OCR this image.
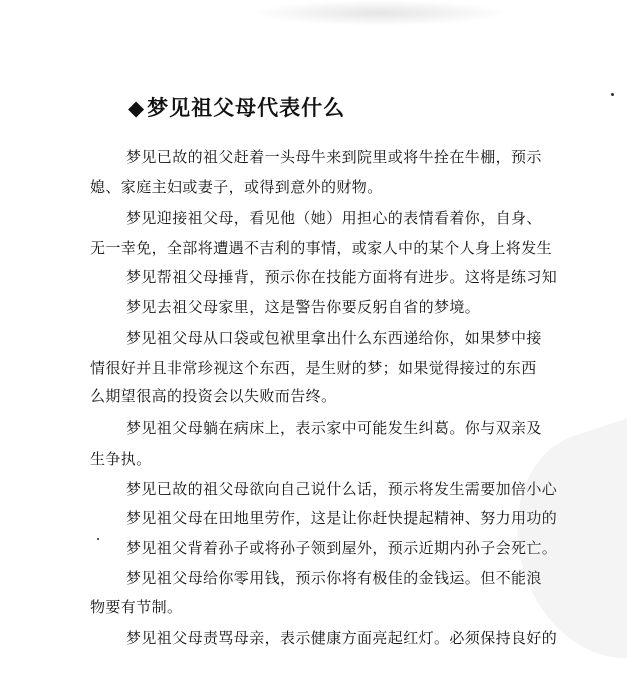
◆梦见祖父母代表什么
梦见已故的祖父赶着一头母牛来到院里或将牛拴在牛棚，预示
媳、家庭主妇或妻子，或得到意外的财物。
梦见迎接祖父母，看见他（她）用担心的表情看着你，自身、
无一幸免，全部将遭遇不吉利的事情，或家人中的某个人身上将发生
梦见帮祖父母捶背，预示你在技能方面将有进步。这将是练习知
梦见去祖父母家里，这是警告你要反躬自省的梦境。
梦见祖父母从口袋或包袱里拿出什么东西递给你，如果梦中接
情很好并且非常珍视这个东西，是生财的梦；如果觉得接过的东西
么期望很高的投资会以失败而告终。
梦见祖父母躺在病床上，表示家中可能发生纠葛。你与双亲及
生争执。
梦见已故的祖父母欲向自己说什么话，预示将发生需要加倍小心
梦见祖父母在田地里劳作，这是让你赶快提起精神、努力用功的
梦见祖父背着孙子或将孙子领到屋外，预示近期内孙子会死亡。
梦见祖父母给你零用钱，预示你将有极佳的金钱运。但不能浪
物要有节制。
梦见祖父母责骂母亲，表示健康方面亮起红灯。必须保持良好的
